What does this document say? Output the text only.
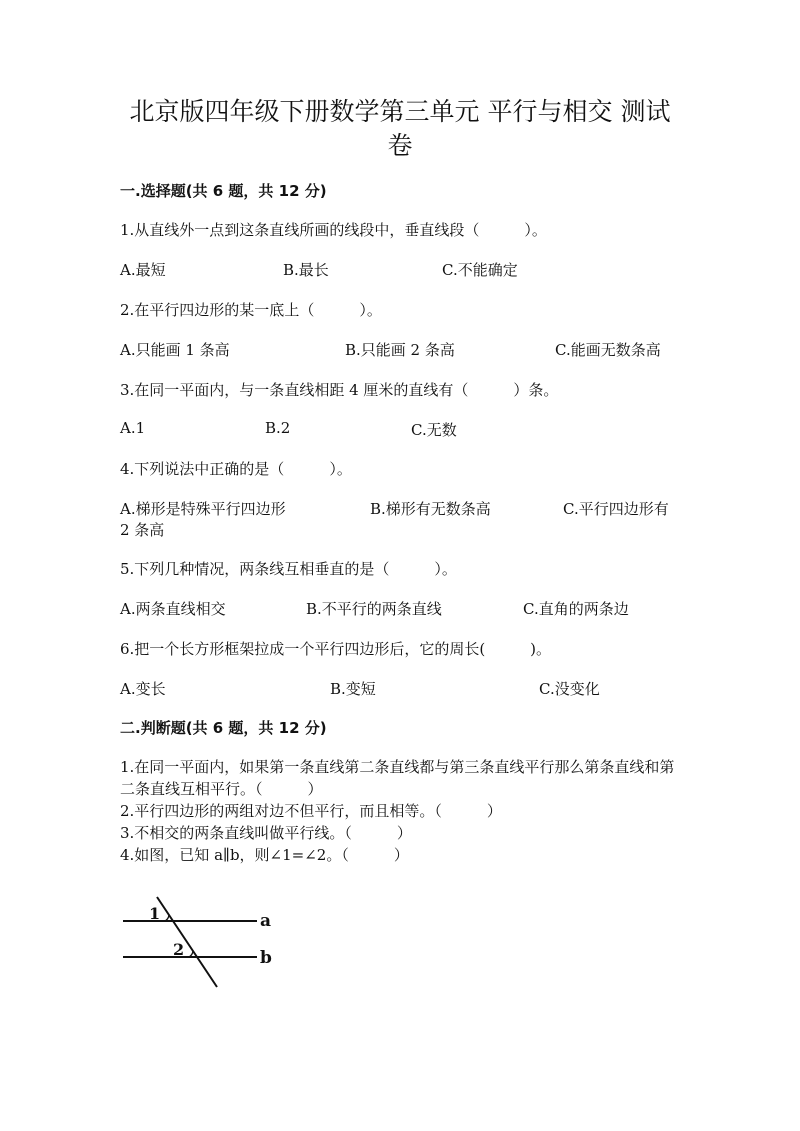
北京版四年级下册数学第三单元 平行与相交 测试
卷
一.选择题(共 6 题，共 12 分)
1.从直线外一点到这条直线所画的线段中，垂直线段（　　　）。
A.最短	B.最长	C.不能确定
2.在平行四边形的某一底上（　　　）。
A.只能画 1 条高	B.只能画 2 条高	C.能画无数条高
3.在同一平面内，与一条直线相距 4 厘米的直线有（　　　）条。
A.1	B.2	C.无数
4.下列说法中正确的是（　　　）。
A.梯形是特殊平行四边形	B.梯形有无数条高	C.平行四边形有
2 条高
5.下列几种情况，两条线互相垂直的是（　　　）。
A.两条直线相交	B.不平行的两条直线	C.直角的两条边
6.把一个长方形框架拉成一个平行四边形后，它的周长(　　　)。
A.变长	B.变短	C.没变化
二.判断题(共 6 题，共 12 分)
1.在同一平面内，如果第一条直线第二条直线都与第三条直线平行那么第条直线和第二条直线互相平行。（　　　）
2.平行四边形的两组对边不但平行，而且相等。（　　　）
3.不相交的两条直线叫做平行线。（　　　）
4.如图，已知 a∥b，则∠1=∠2。（　　　）
1
2
a
b
